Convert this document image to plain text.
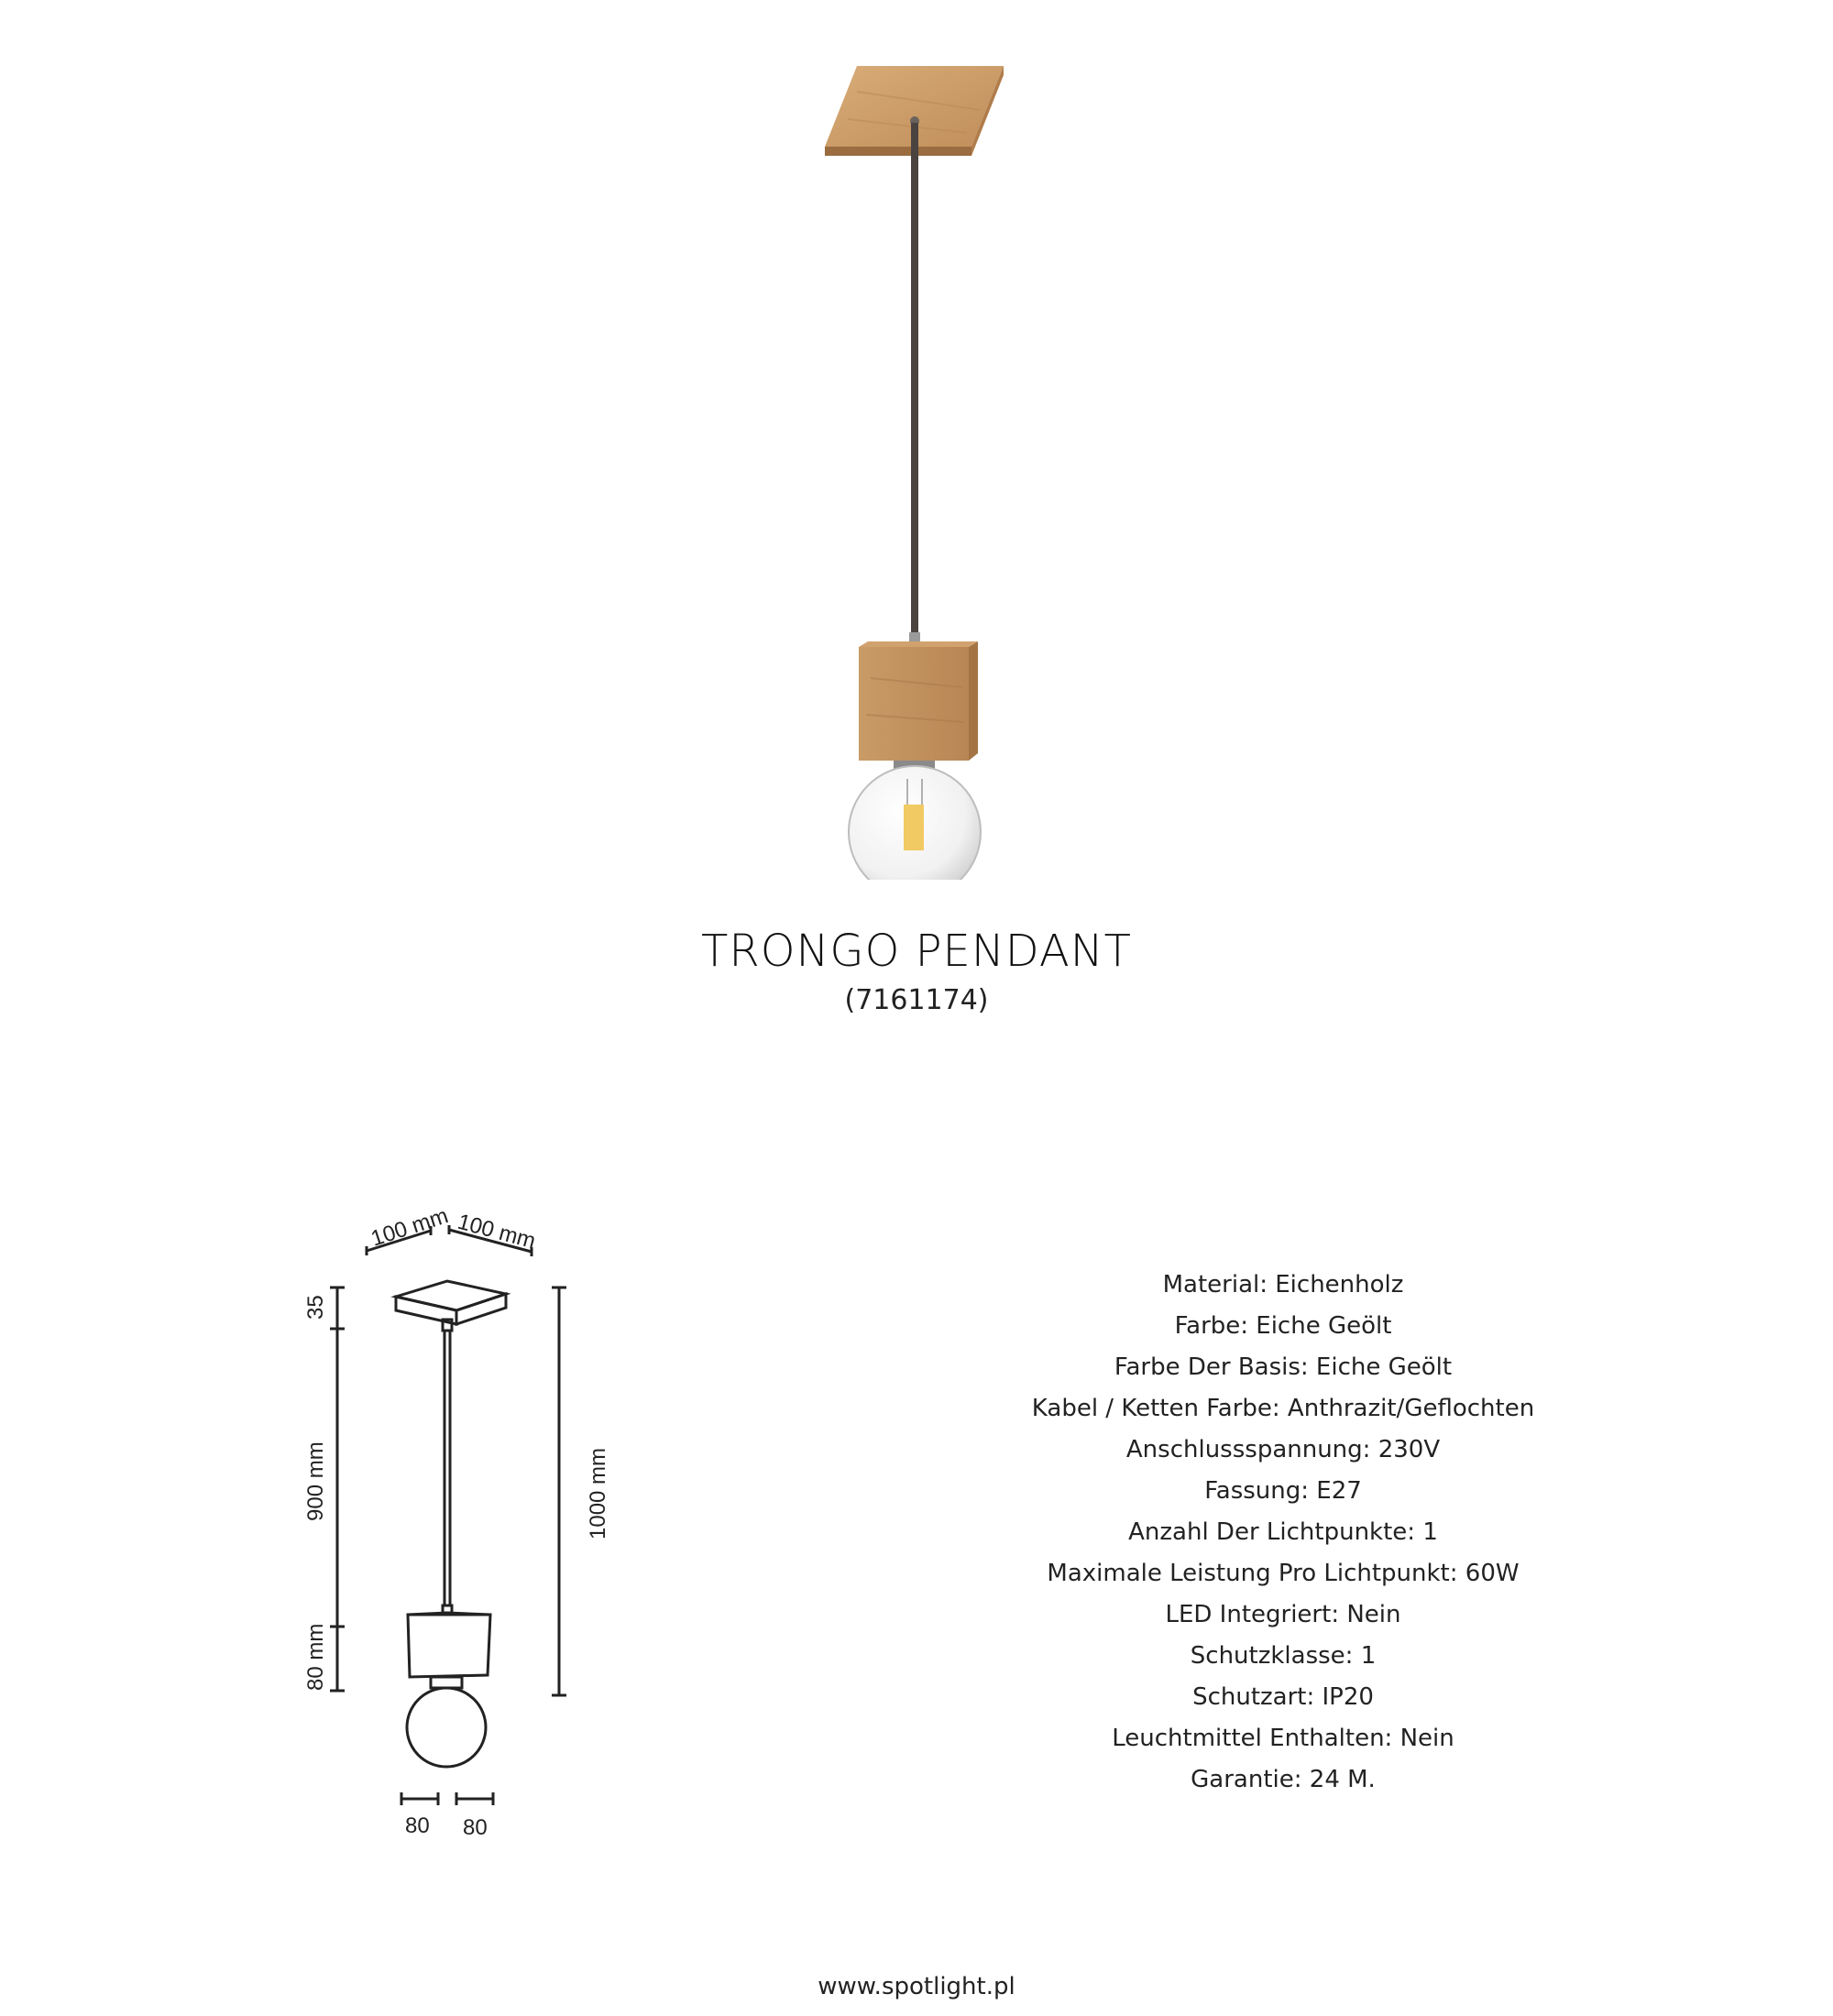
TRONGO PENDANT
(7161174)
100 mm 100 mm
35
900 mm
80 mm
1000 mm
80 80
Material: Eichenholz
Farbe: Eiche Geölt
Farbe Der Basis: Eiche Geölt
Kabel / Ketten Farbe: Anthrazit/Geflochten
Anschlussspannung: 230V
Fassung: E27
Anzahl Der Lichtpunkte: 1
Maximale Leistung Pro Lichtpunkt: 60W
LED Integriert: Nein
Schutzklasse: 1
Schutzart: IP20
Leuchtmittel Enthalten: Nein
Garantie: 24 M.
www.spotlight.pl
